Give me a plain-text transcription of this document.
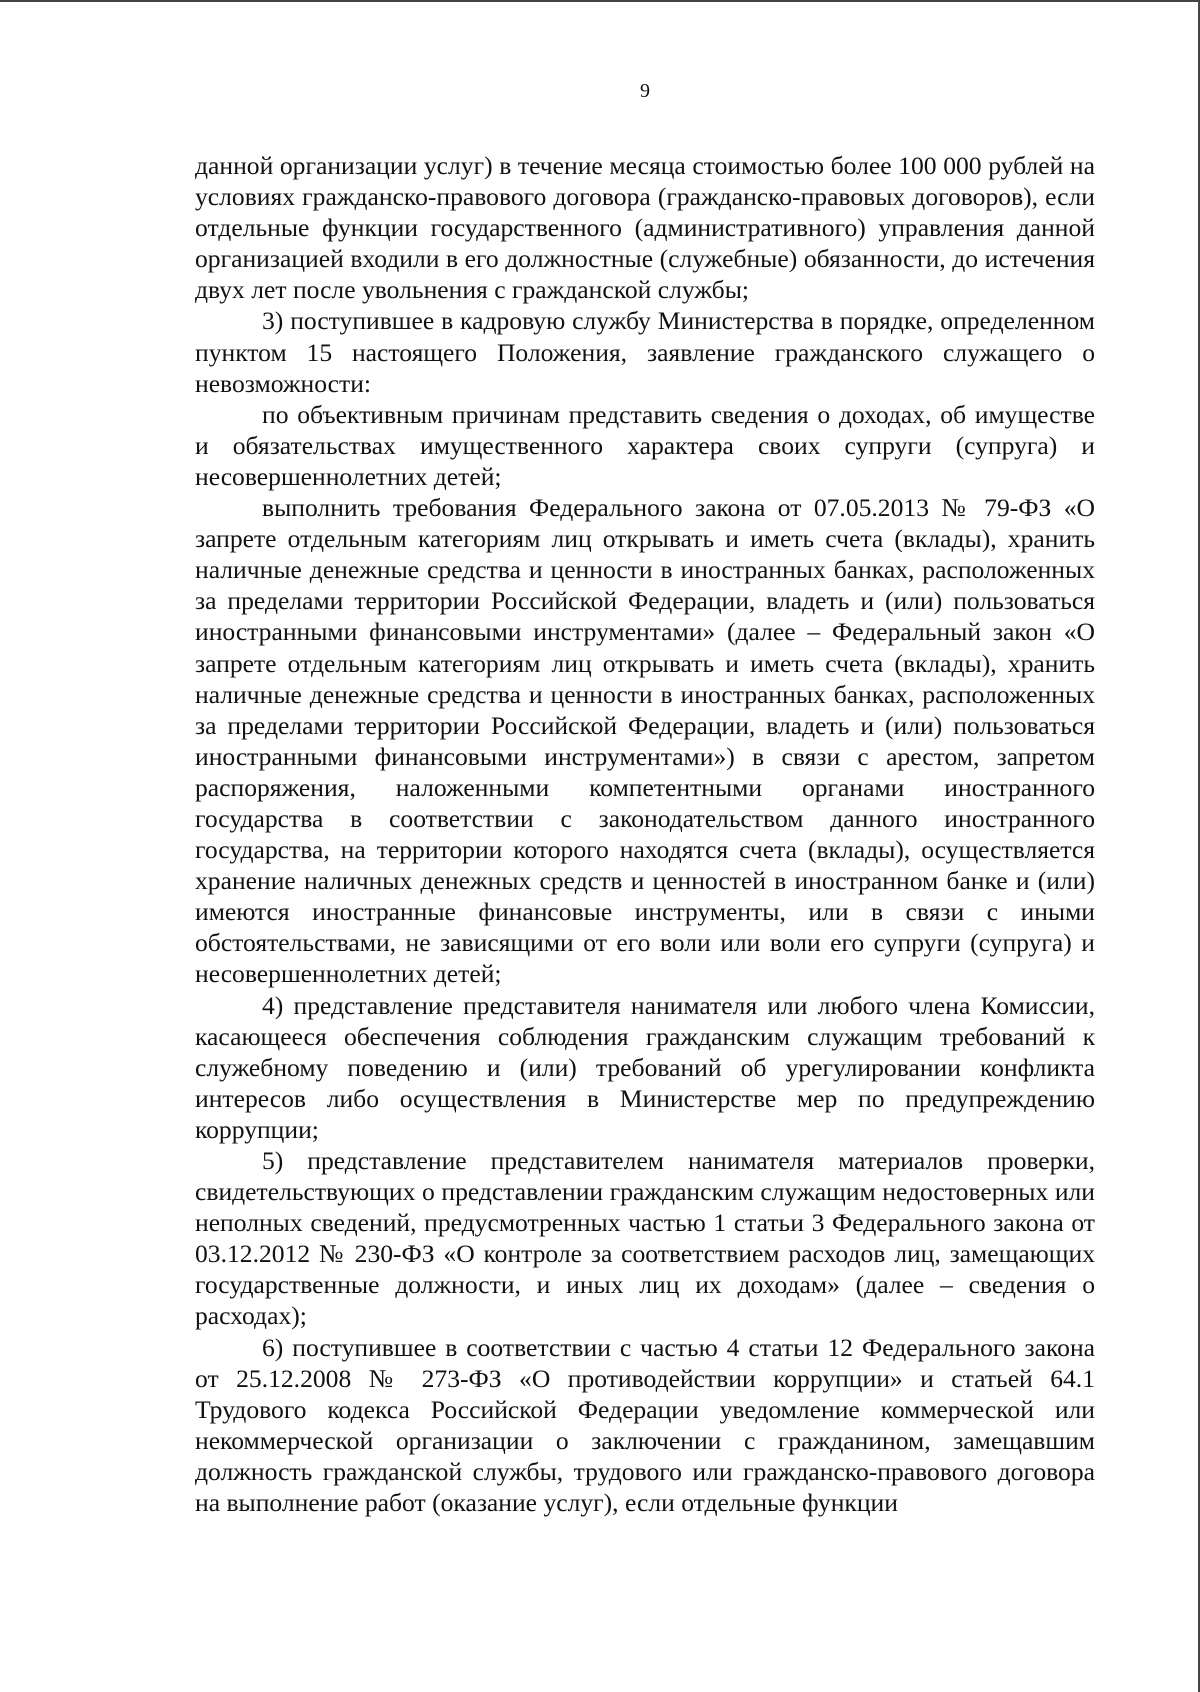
9

данной организации услуг) в течение месяца стоимостью более 100 000 рублей на условиях гражданско-правового договора (гражданско-правовых договоров), если отдельные функции государственного (административного) управления данной организацией входили в его должностные (служебные) обязанности, до истечения двух лет после увольнения с гражданской службы;

3) поступившее в кадровую службу Министерства в порядке, определенном пунктом 15 настоящего Положения, заявление гражданского служащего о невозможности:

по объективным причинам представить сведения о доходах, об имуществе и обязательствах имущественного характера своих супруги (супруга) и несовершеннолетних детей;

выполнить требования Федерального закона от 07.05.2013 № 79-ФЗ «О запрете отдельным категориям лиц открывать и иметь счета (вклады), хранить наличные денежные средства и ценности в иностранных банках, расположенных за пределами территории Российской Федерации, владеть и (или) пользоваться иностранными финансовыми инструментами» (далее – Федеральный закон «О запрете отдельным категориям лиц открывать и иметь счета (вклады), хранить наличные денежные средства и ценности в иностранных банках, расположенных за пределами территории Российской Федерации, владеть и (или) пользоваться иностранными финансовыми инструментами») в связи с арестом, запретом распоряжения, наложенными компетентными органами иностранного государства в соответствии с законодательством данного иностранного государства, на территории которого находятся счета (вклады), осуществляется хранение наличных денежных средств и ценностей в иностранном банке и (или) имеются иностранные финансовые инструменты, или в связи с иными обстоятельствами, не зависящими от его воли или воли его супруги (супруга) и несовершеннолетних детей;

4) представление представителя нанимателя или любого члена Комиссии, касающееся обеспечения соблюдения гражданским служащим требований к служебному поведению и (или) требований об урегулировании конфликта интересов либо осуществления в Министерстве мер по предупреждению коррупции;

5) представление представителем нанимателя материалов проверки, свидетельствующих о представлении гражданским служащим недостоверных или неполных сведений, предусмотренных частью 1 статьи 3 Федерального закона от 03.12.2012 № 230-ФЗ «О контроле за соответствием расходов лиц, замещающих государственные должности, и иных лиц их доходам» (далее – сведения о расходах);

6) поступившее в соответствии с частью 4 статьи 12 Федерального закона от 25.12.2008 № 273-ФЗ «О противодействии коррупции» и статьей 64.1 Трудового кодекса Российской Федерации уведомление коммерческой или некоммерческой организации о заключении с гражданином, замещавшим должность гражданской службы, трудового или гражданско-правового договора на выполнение работ (оказание услуг), если отдельные функции
